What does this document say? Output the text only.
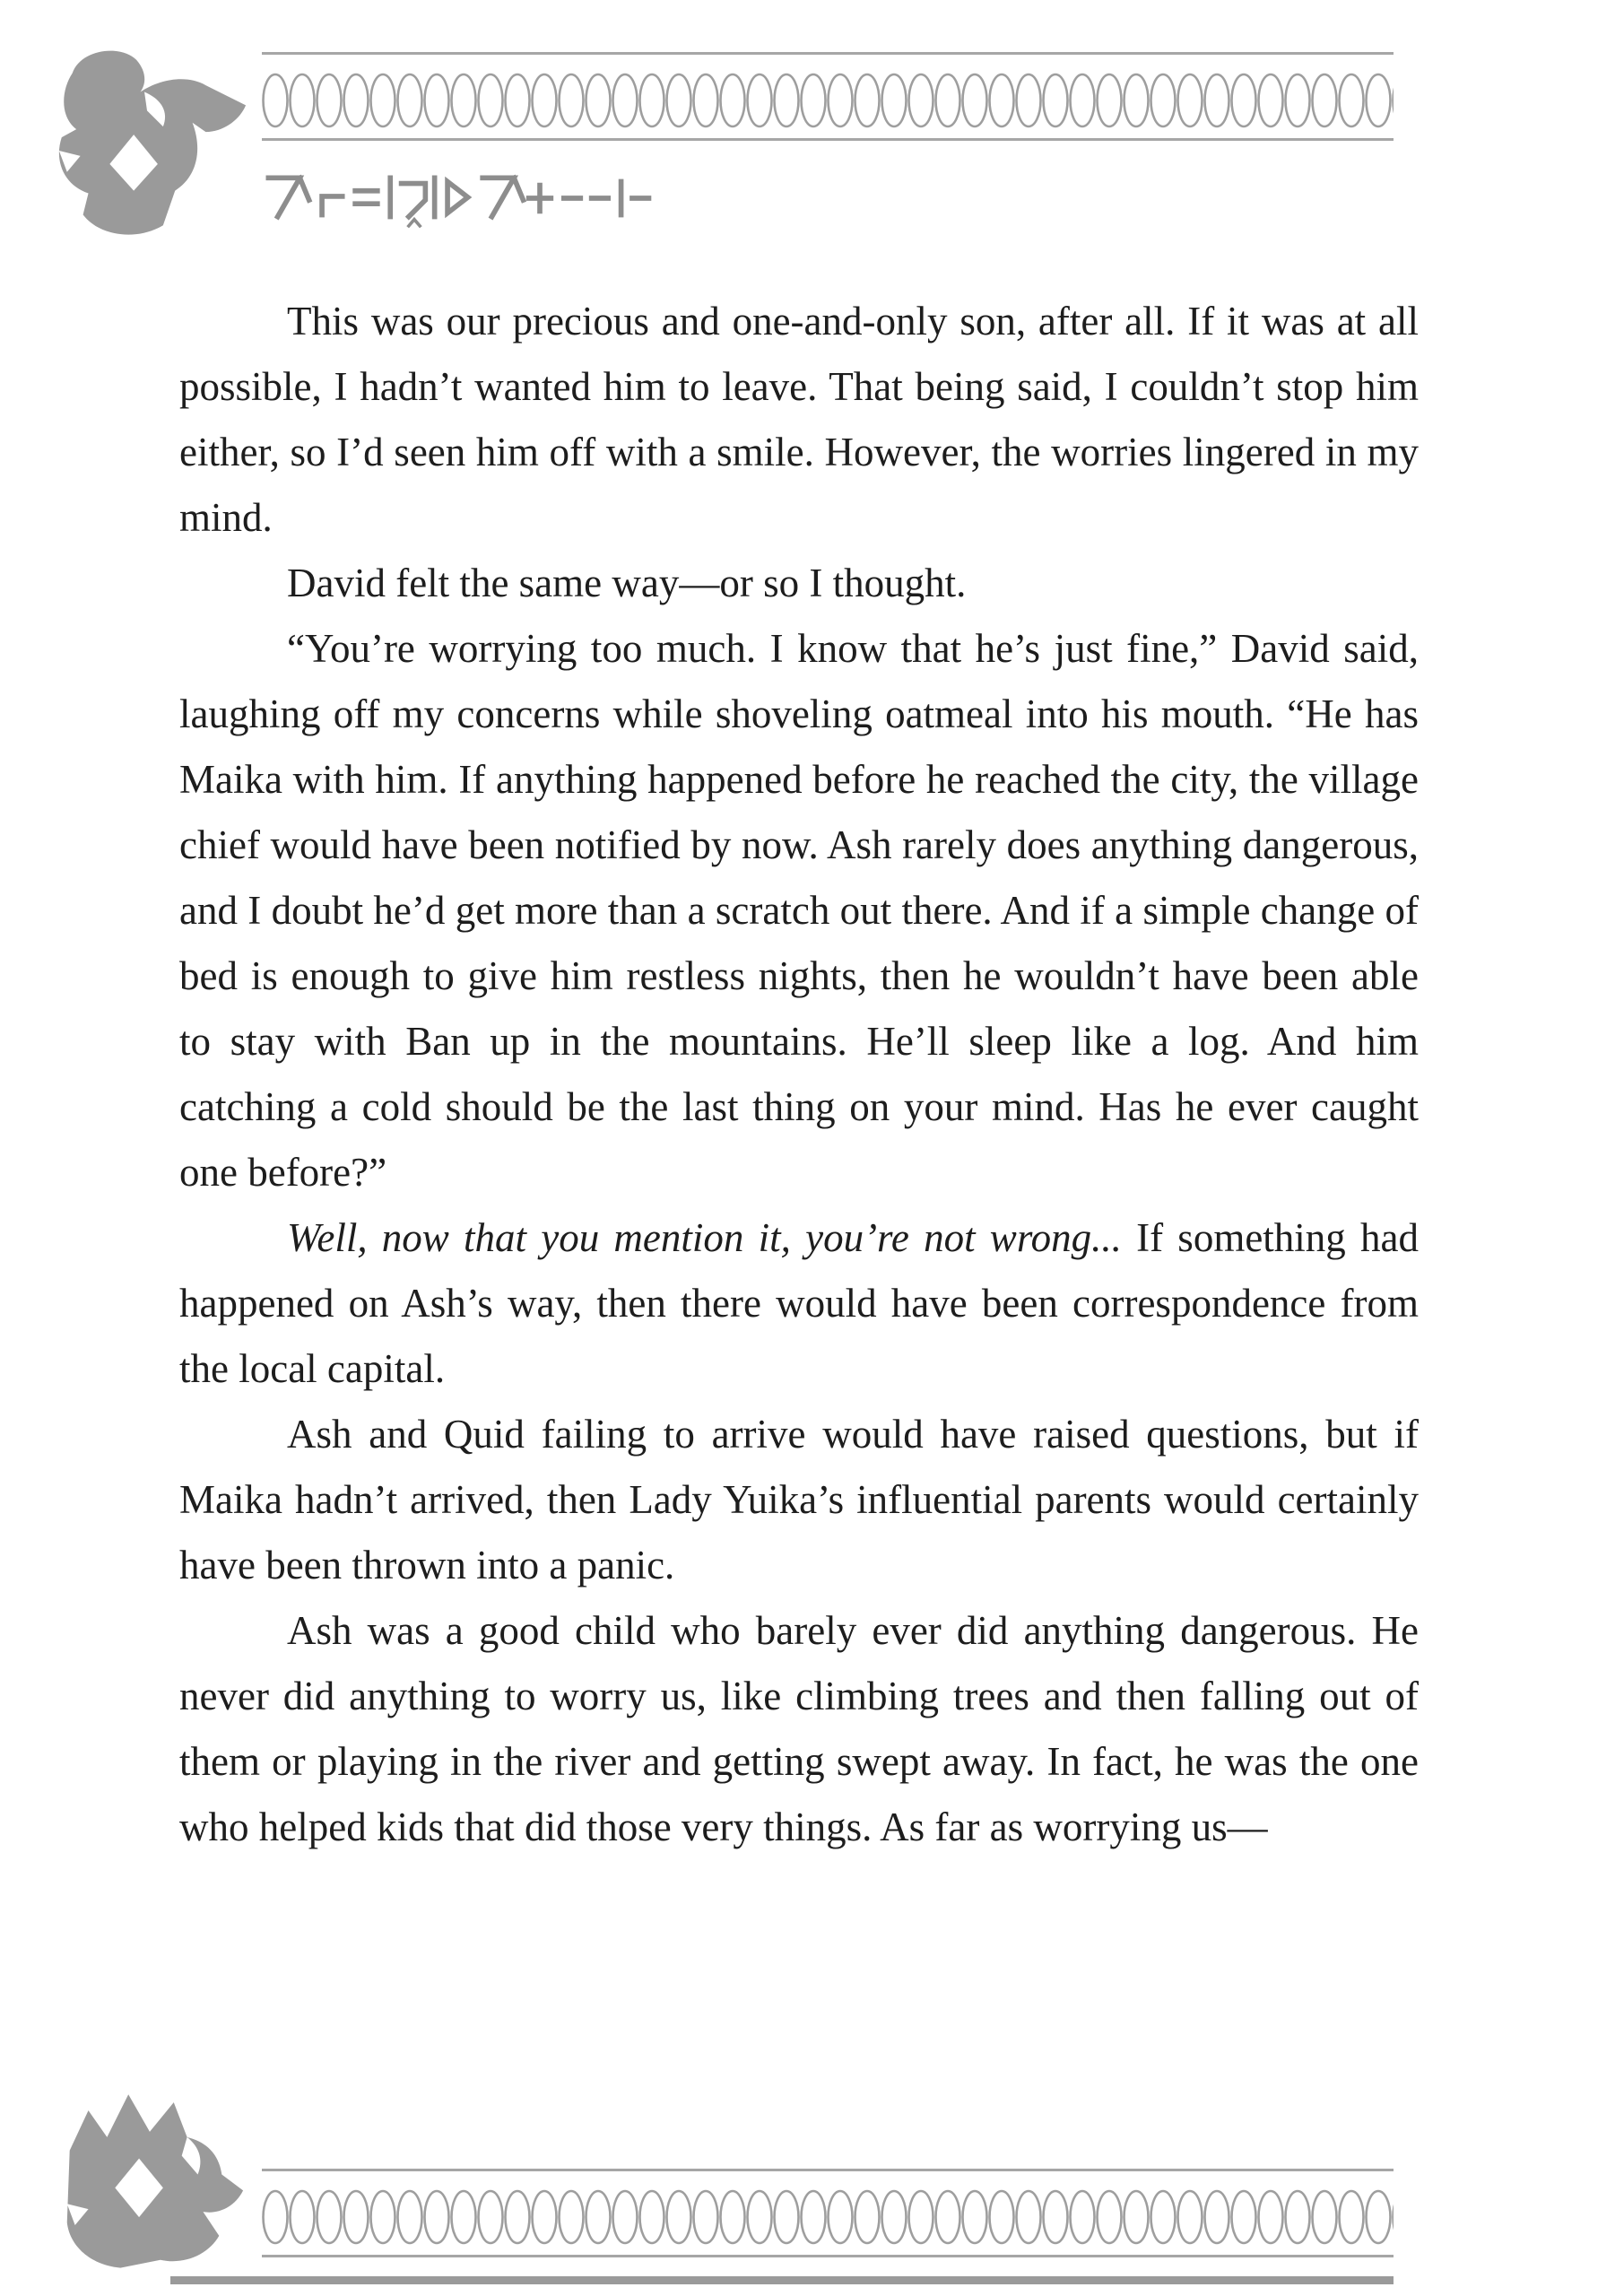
This was our precious and one-and-only son, after all. If it was at all possible, I hadn’t wanted him to leave. That being said, I couldn’t stop him either, so I’d seen him off with a smile. However, the worries lingered in my mind.

David felt the same way—or so I thought.

“You’re worrying too much. I know that he’s just fine,” David said, laughing off my concerns while shoveling oatmeal into his mouth. “He has Maika with him. If anything happened before he reached the city, the village chief would have been notified by now. Ash rarely does anything dangerous, and I doubt he’d get more than a scratch out there. And if a simple change of bed is enough to give him restless nights, then he wouldn’t have been able to stay with Ban up in the mountains. He’ll sleep like a log. And him catching a cold should be the last thing on your mind. Has he ever caught one before?”

Well, now that you mention it, you’re not wrong... If something had happened on Ash’s way, then there would have been correspondence from the local capital.

Ash and Quid failing to arrive would have raised questions, but if Maika hadn’t arrived, then Lady Yuika’s influential parents would certainly have been thrown into a panic.

Ash was a good child who barely ever did anything dangerous. He never did anything to worry us, like climbing trees and then falling out of them or playing in the river and getting swept away. In fact, he was the one who helped kids that did those very things. As far as worrying us—
